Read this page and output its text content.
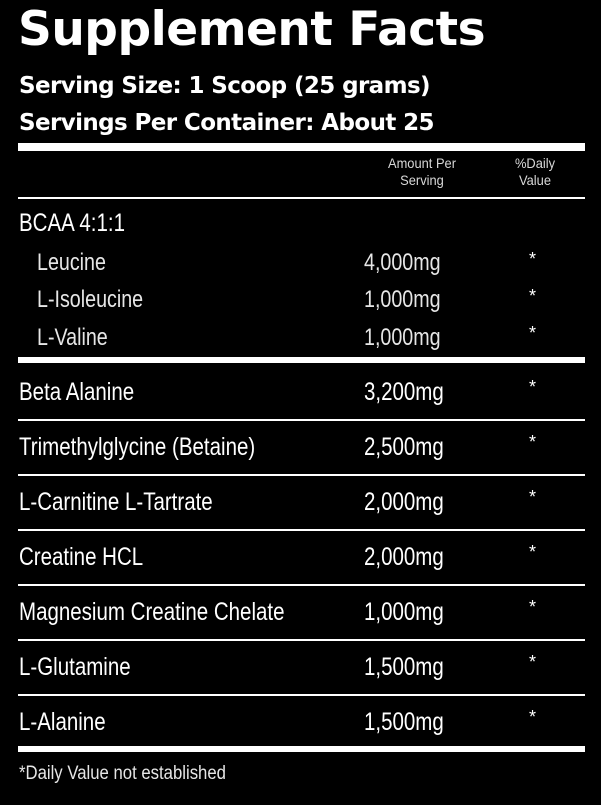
Supplement Facts
Serving Size: 1 Scoop (25 grams)
Servings Per Container: About 25
Amount Per
Serving
%Daily
Value
BCAA 4:1:1
Leucine	4,000mg	*
L-Isoleucine	1,000mg	*
L-Valine	1,000mg	*
Beta Alanine	3,200mg	*
Trimethylglycine (Betaine)	2,500mg	*
L-Carnitine L-Tartrate	2,000mg	*
Creatine HCL	2,000mg	*
Magnesium Creatine Chelate	1,000mg	*
L-Glutamine	1,500mg	*
L-Alanine	1,500mg	*
*Daily Value not established
